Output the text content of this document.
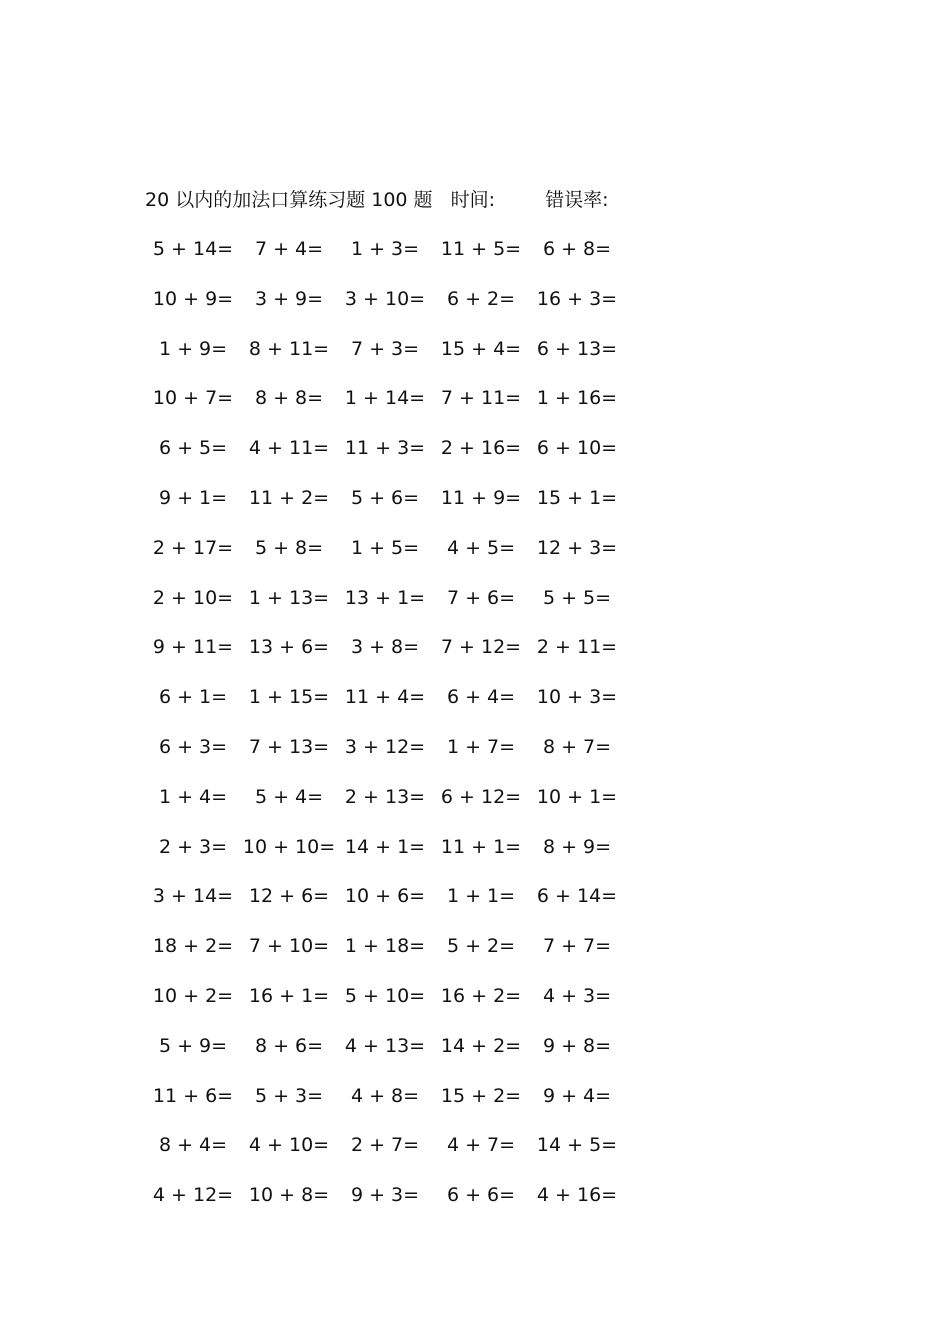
20 以内的加法口算练习题 100 题 时间:	错误率:
5 + 14=	7 + 4=	1 + 3=	11 + 5=	6 + 8=
10 + 9=	3 + 9=	3 + 10=	6 + 2=	16 + 3=
1 + 9=	8 + 11=	7 + 3=	15 + 4= 6 + 13=
10 + 7=	8 + 8=	1 + 14= 7 + 11= 1 + 16=
6 + 5=	4 + 11= 11 + 3= 2 + 16= 6 + 10=
9 + 1=	11 + 2=	5 + 6=	11 + 9= 15 + 1=
2 + 17=	5 + 8=	1 + 5=	4 + 5=	12 + 3=
2 + 10= 1 + 13= 13 + 1=	7 + 6=	5 + 5=
9 + 11= 13 + 6=	3 + 8=	7 + 12= 2 + 11=
6 + 1=	1 + 15= 11 + 4=	6 + 4=	10 + 3=
6 + 3=	7 + 13= 3 + 12=	1 + 7=	8 + 7=
1 + 4=	5 + 4=	2 + 13= 6 + 12= 10 + 1=
2 + 3= 10 + 10= 14 + 1= 11 + 1=	8 + 9=
3 + 14= 12 + 6= 10 + 6=	1 + 1=	6 + 14=
18 + 2= 7 + 10= 1 + 18=	5 + 2=	7 + 7=
10 + 2= 16 + 1= 5 + 10= 16 + 2=	4 + 3=
5 + 9=	8 + 6=	4 + 13= 14 + 2=	9 + 8=
11 + 6=	5 + 3=	4 + 8=	15 + 2=	9 + 4=
8 + 4=	4 + 10=	2 + 7=	4 + 7=	14 + 5=
4 + 12= 10 + 8=	9 + 3=	6 + 6=	4 + 16=
